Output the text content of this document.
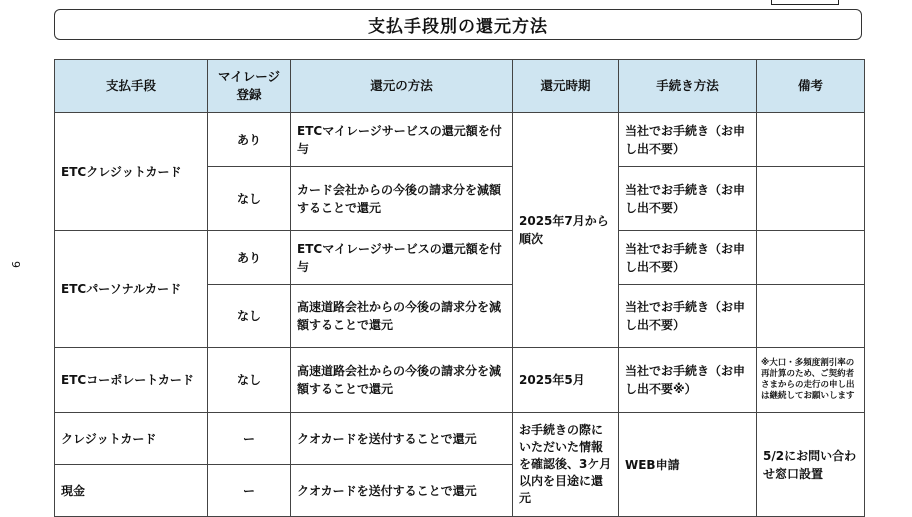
支払手段別の還元方法
9
支払手段	マイレージ登録	還元の方法	還元時期	手続き方法	備考
ETCクレジットカード	あり	ETCマイレージサービスの還元額を付与	2025年7月から順次	当社でお手続き（お申し出不要）	
	なし	カード会社からの今後の請求分を減額することで還元		当社でお手続き（お申し出不要）	
ETCパーソナルカード	あり	ETCマイレージサービスの還元額を付与		当社でお手続き（お申し出不要）	
	なし	高速道路会社からの今後の請求分を減額することで還元		当社でお手続き（お申し出不要）	
ETCコーポレートカード	なし	高速道路会社からの今後の請求分を減額することで還元	2025年5月	当社でお手続き（お申し出不要※）	※大口・多頻度割引率の再計算のため、ご契約者さまからの走行の申し出は継続してお願いします
クレジットカード	ー	クオカードを送付することで還元	お手続きの際にいただいた情報を確認後、3ケ月以内を目途に還元	WEB申請	5/2にお問い合わせ窓口設置
現金	ー	クオカードを送付することで還元			
